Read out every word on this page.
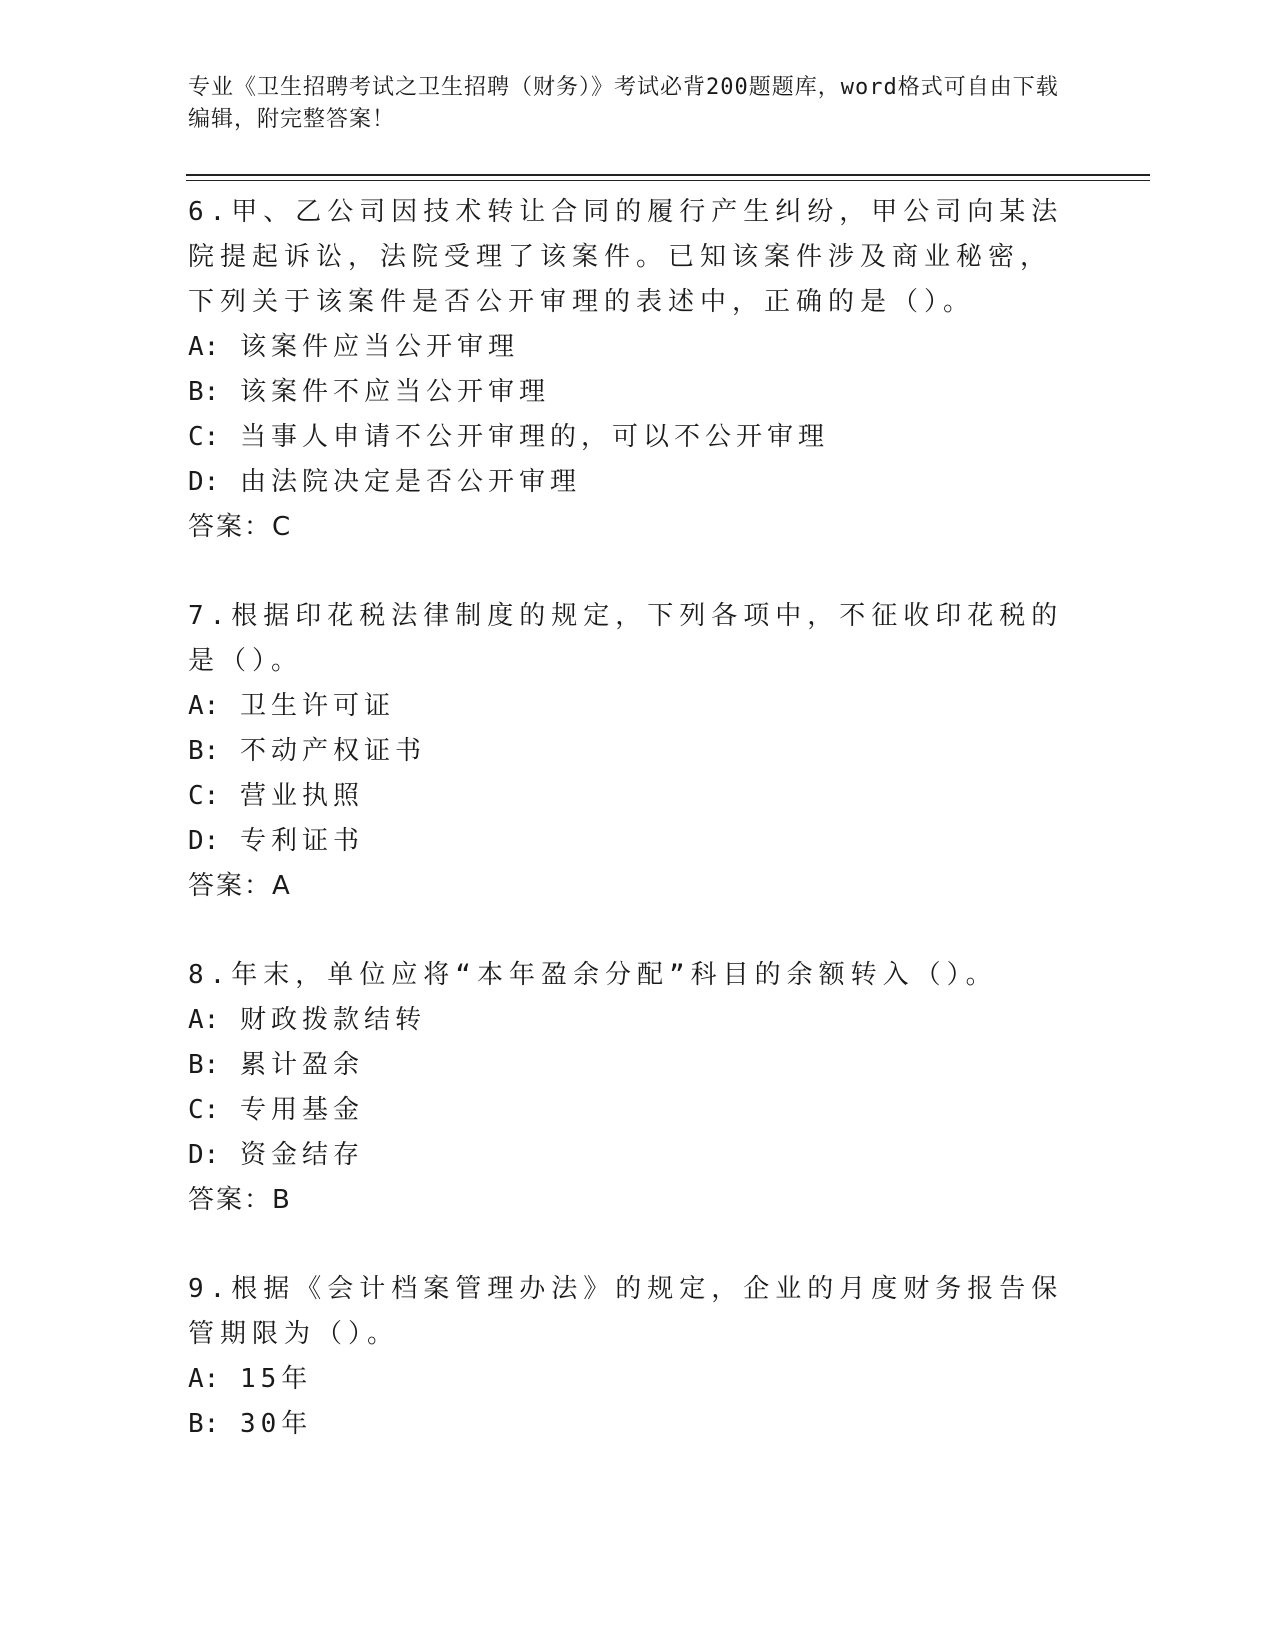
专业《卫生招聘考试之卫生招聘（财务）》考试必背200题题库，word格式可自由下载编辑，附完整答案！
6.甲、乙公司因技术转让合同的履行产生纠纷，甲公司向某法院提起诉讼，法院受理了该案件。已知该案件涉及商业秘密，下列关于该案件是否公开审理的表述中，正确的是（）。
A: 该案件应当公开审理
B: 该案件不应当公开审理
C: 当事人申请不公开审理的，可以不公开审理
D: 由法院决定是否公开审理
答案：C
7.根据印花税法律制度的规定，下列各项中，不征收印花税的是（）。
A: 卫生许可证
B: 不动产权证书
C: 营业执照
D: 专利证书
答案：A
8.年末，单位应将“本年盈余分配”科目的余额转入（）。
A: 财政拨款结转
B: 累计盈余
C: 专用基金
D: 资金结存
答案：B
9.根据《会计档案管理办法》的规定，企业的月度财务报告保管期限为（）。
A: 15年
B: 30年
